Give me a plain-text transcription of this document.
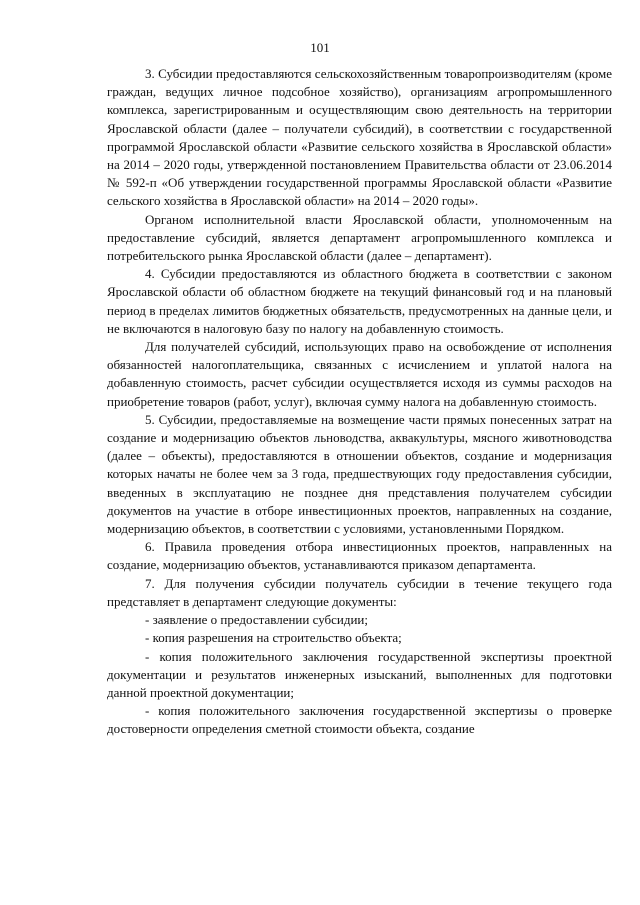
101

3. Субсидии предоставляются сельскохозяйственным товаропроизводителям (кроме граждан, ведущих личное подсобное хозяйство), организациям агропромышленного комплекса, зарегистрированным и осуществляющим свою деятельность на территории Ярославской области (далее – получатели субсидий), в соответствии с государственной программой Ярославской области «Развитие сельского хозяйства в Ярославской области» на 2014 – 2020 годы, утвержденной постановлением Правительства области от 23.06.2014 № 592-п «Об утверждении государственной программы Ярославской области «Развитие сельского хозяйства в Ярославской области» на 2014 – 2020 годы».

Органом исполнительной власти Ярославской области, уполномоченным на предоставление субсидий, является департамент агропромышленного комплекса и потребительского рынка Ярославской области (далее – департамент).

4. Субсидии предоставляются из областного бюджета в соответствии с законом Ярославской области об областном бюджете на текущий финансовый год и на плановый период в пределах лимитов бюджетных обязательств, предусмотренных на данные цели, и не включаются в налоговую базу по налогу на добавленную стоимость.

Для получателей субсидий, использующих право на освобождение от исполнения обязанностей налогоплательщика, связанных с исчислением и уплатой налога на добавленную стоимость, расчет субсидии осуществляется исходя из суммы расходов на приобретение товаров (работ, услуг), включая сумму налога на добавленную стоимость.

5. Субсидии, предоставляемые на возмещение части прямых понесенных затрат на создание и модернизацию объектов льноводства, аквакультуры, мясного животноводства (далее – объекты), предоставляются в отношении объектов, создание и модернизация которых начаты не более чем за 3 года, предшествующих году предоставления субсидии, введенных в эксплуатацию не позднее дня представления получателем субсидии документов на участие в отборе инвестиционных проектов, направленных на создание, модернизацию объектов, в соответствии с условиями, установленными Порядком.

6. Правила проведения отбора инвестиционных проектов, направленных на создание, модернизацию объектов, устанавливаются приказом департамента.

7. Для получения субсидии получатель субсидии в течение текущего года представляет в департамент следующие документы:

- заявление о предоставлении субсидии;

- копия разрешения на строительство объекта;

- копия положительного заключения государственной экспертизы проектной документации и результатов инженерных изысканий, выполненных для подготовки данной проектной документации;

- копия положительного заключения государственной экспертизы о проверке достоверности определения сметной стоимости объекта, создание
